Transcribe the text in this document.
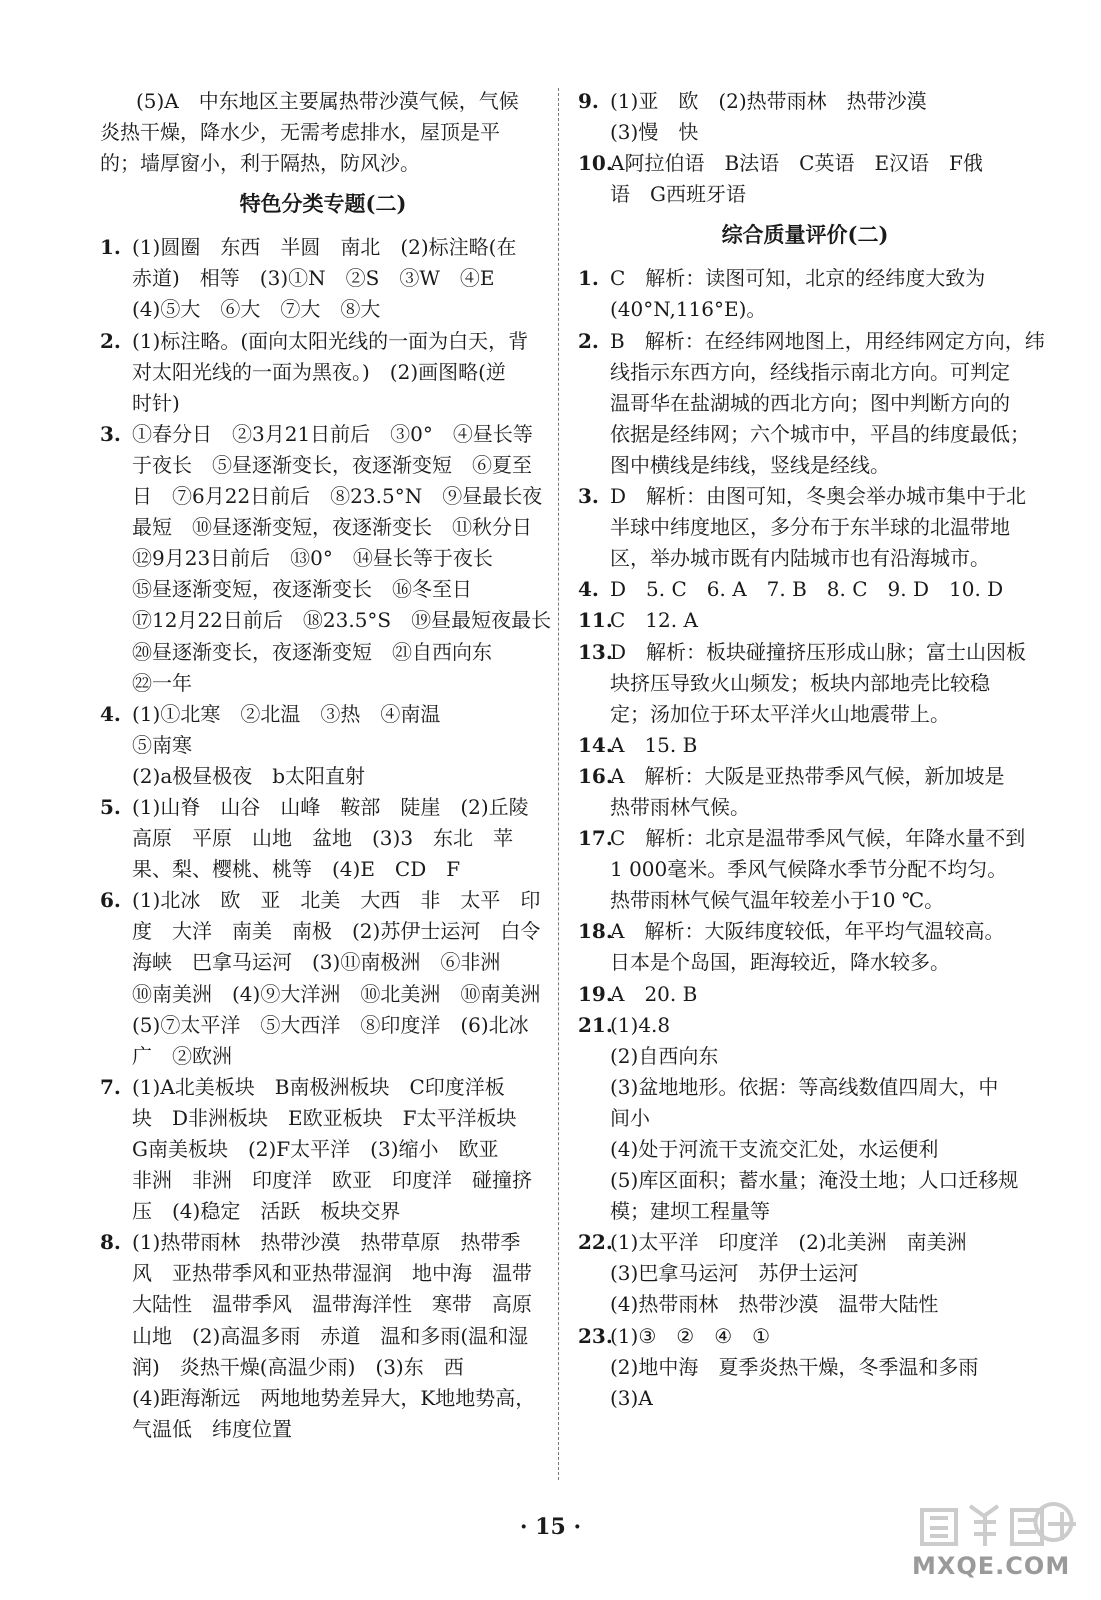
(5)A　中东地区主要属热带沙漠气候，气候
炎热干燥，降水少，无需考虑排水，屋顶是平
的；墙厚窗小，利于隔热，防风沙。
特色分类专题(二)
1. (1)圆圈　东西　半圆　南北　(2)标注略(在
赤道)　相等　(3)①N　②S　③W　④E
(4)⑤大　⑥大　⑦大　⑧大
2. (1)标注略。(面向太阳光线的一面为白天，背
对太阳光线的一面为黑夜。)　(2)画图略(逆
时针)
3. ①春分日　②3月21日前后　③0°　④昼长等
于夜长　⑤昼逐渐变长，夜逐渐变短　⑥夏至
日　⑦6月22日前后　⑧23.5°N　⑨昼最长夜
最短　⑩昼逐渐变短，夜逐渐变长　⑪秋分日
⑫9月23日前后　⑬0°　⑭昼长等于夜长
⑮昼逐渐变短，夜逐渐变长　⑯冬至日
⑰12月22日前后　⑱23.5°S　⑲昼最短夜最长
⑳昼逐渐变长，夜逐渐变短　㉑自西向东
㉒一年
4. (1)①北寒　②北温　③热　④南温
⑤南寒
(2)a极昼极夜　b太阳直射
5. (1)山脊　山谷　山峰　鞍部　陡崖　(2)丘陵
高原　平原　山地　盆地　(3)3　东北　苹
果、梨、樱桃、桃等　(4)E　CD　F
6. (1)北冰　欧　亚　北美　大西　非　太平　印
度　大洋　南美　南极　(2)苏伊士运河　白令
海峡　巴拿马运河　(3)⑪南极洲　⑥非洲
⑩南美洲　(4)⑨大洋洲　⑩北美洲　⑩南美洲
(5)⑦太平洋　⑤大西洋　⑧印度洋　(6)北冰
广　②欧洲
7. (1)A北美板块　B南极洲板块　C印度洋板
块　D非洲板块　E欧亚板块　F太平洋板块
G南美板块　(2)F太平洋　(3)缩小　欧亚
非洲　非洲　印度洋　欧亚　印度洋　碰撞挤
压　(4)稳定　活跃　板块交界
8. (1)热带雨林　热带沙漠　热带草原　热带季
风　亚热带季风和亚热带湿润　地中海　温带
大陆性　温带季风　温带海洋性　寒带　高原
山地　(2)高温多雨　赤道　温和多雨(温和湿
润)　炎热干燥(高温少雨)　(3)东　西
(4)距海渐远　两地地势差异大，K地地势高，
气温低　纬度位置
9. (1)亚　欧　(2)热带雨林　热带沙漠
(3)慢　快
10.
A阿拉伯语　B法语　C英语　E汉语　F俄
语　G西班牙语
综合质量评价(二)
1. C　解析：读图可知，北京的经纬度大致为
(40°N,116°E)。
2. B　解析：在经纬网地图上，用经纬网定方向，纬
线指示东西方向，经线指示南北方向。可判定
温哥华在盐湖城的西北方向；图中判断方向的
依据是经纬网；六个城市中，平昌的纬度最低；
图中横线是纬线，竖线是经线。
3. D　解析：由图可知，冬奥会举办城市集中于北
半球中纬度地区，多分布于东半球的北温带地
区，举办城市既有内陆城市也有沿海城市。
4. D　5. C　6. A　7. B　8. C　9. D　10. D
11.
C　12. A
13.
D　解析：板块碰撞挤压形成山脉；富士山因板
块挤压导致火山频发；板块内部地壳比较稳
定；汤加位于环太平洋火山地震带上。
14.
A　15. B
16.
A　解析：大阪是亚热带季风气候，新加坡是
热带雨林气候。
17.
C　解析：北京是温带季风气候，年降水量不到
1 000毫米。季风气候降水季节分配不均匀。
热带雨林气候气温年较差小于10 ℃。
18.
A　解析：大阪纬度较低，年平均气温较高。
日本是个岛国，距海较近，降水较多。
19.
A　20. B
21.
(1)4.8
(2)自西向东
(3)盆地地形。依据：等高线数值四周大，中
间小
(4)处于河流干支流交汇处，水运便利
(5)库区面积；蓄水量；淹没土地；人口迁移规
模；建坝工程量等
22.
(1)太平洋　印度洋　(2)北美洲　南美洲
(3)巴拿马运河　苏伊士运河
(4)热带雨林　热带沙漠　温带大陆性
23.
(1)③　②　④　①
(2)地中海　夏季炎热干燥，冬季温和多雨
(3)A
· 15 ·
MXQE.COM
